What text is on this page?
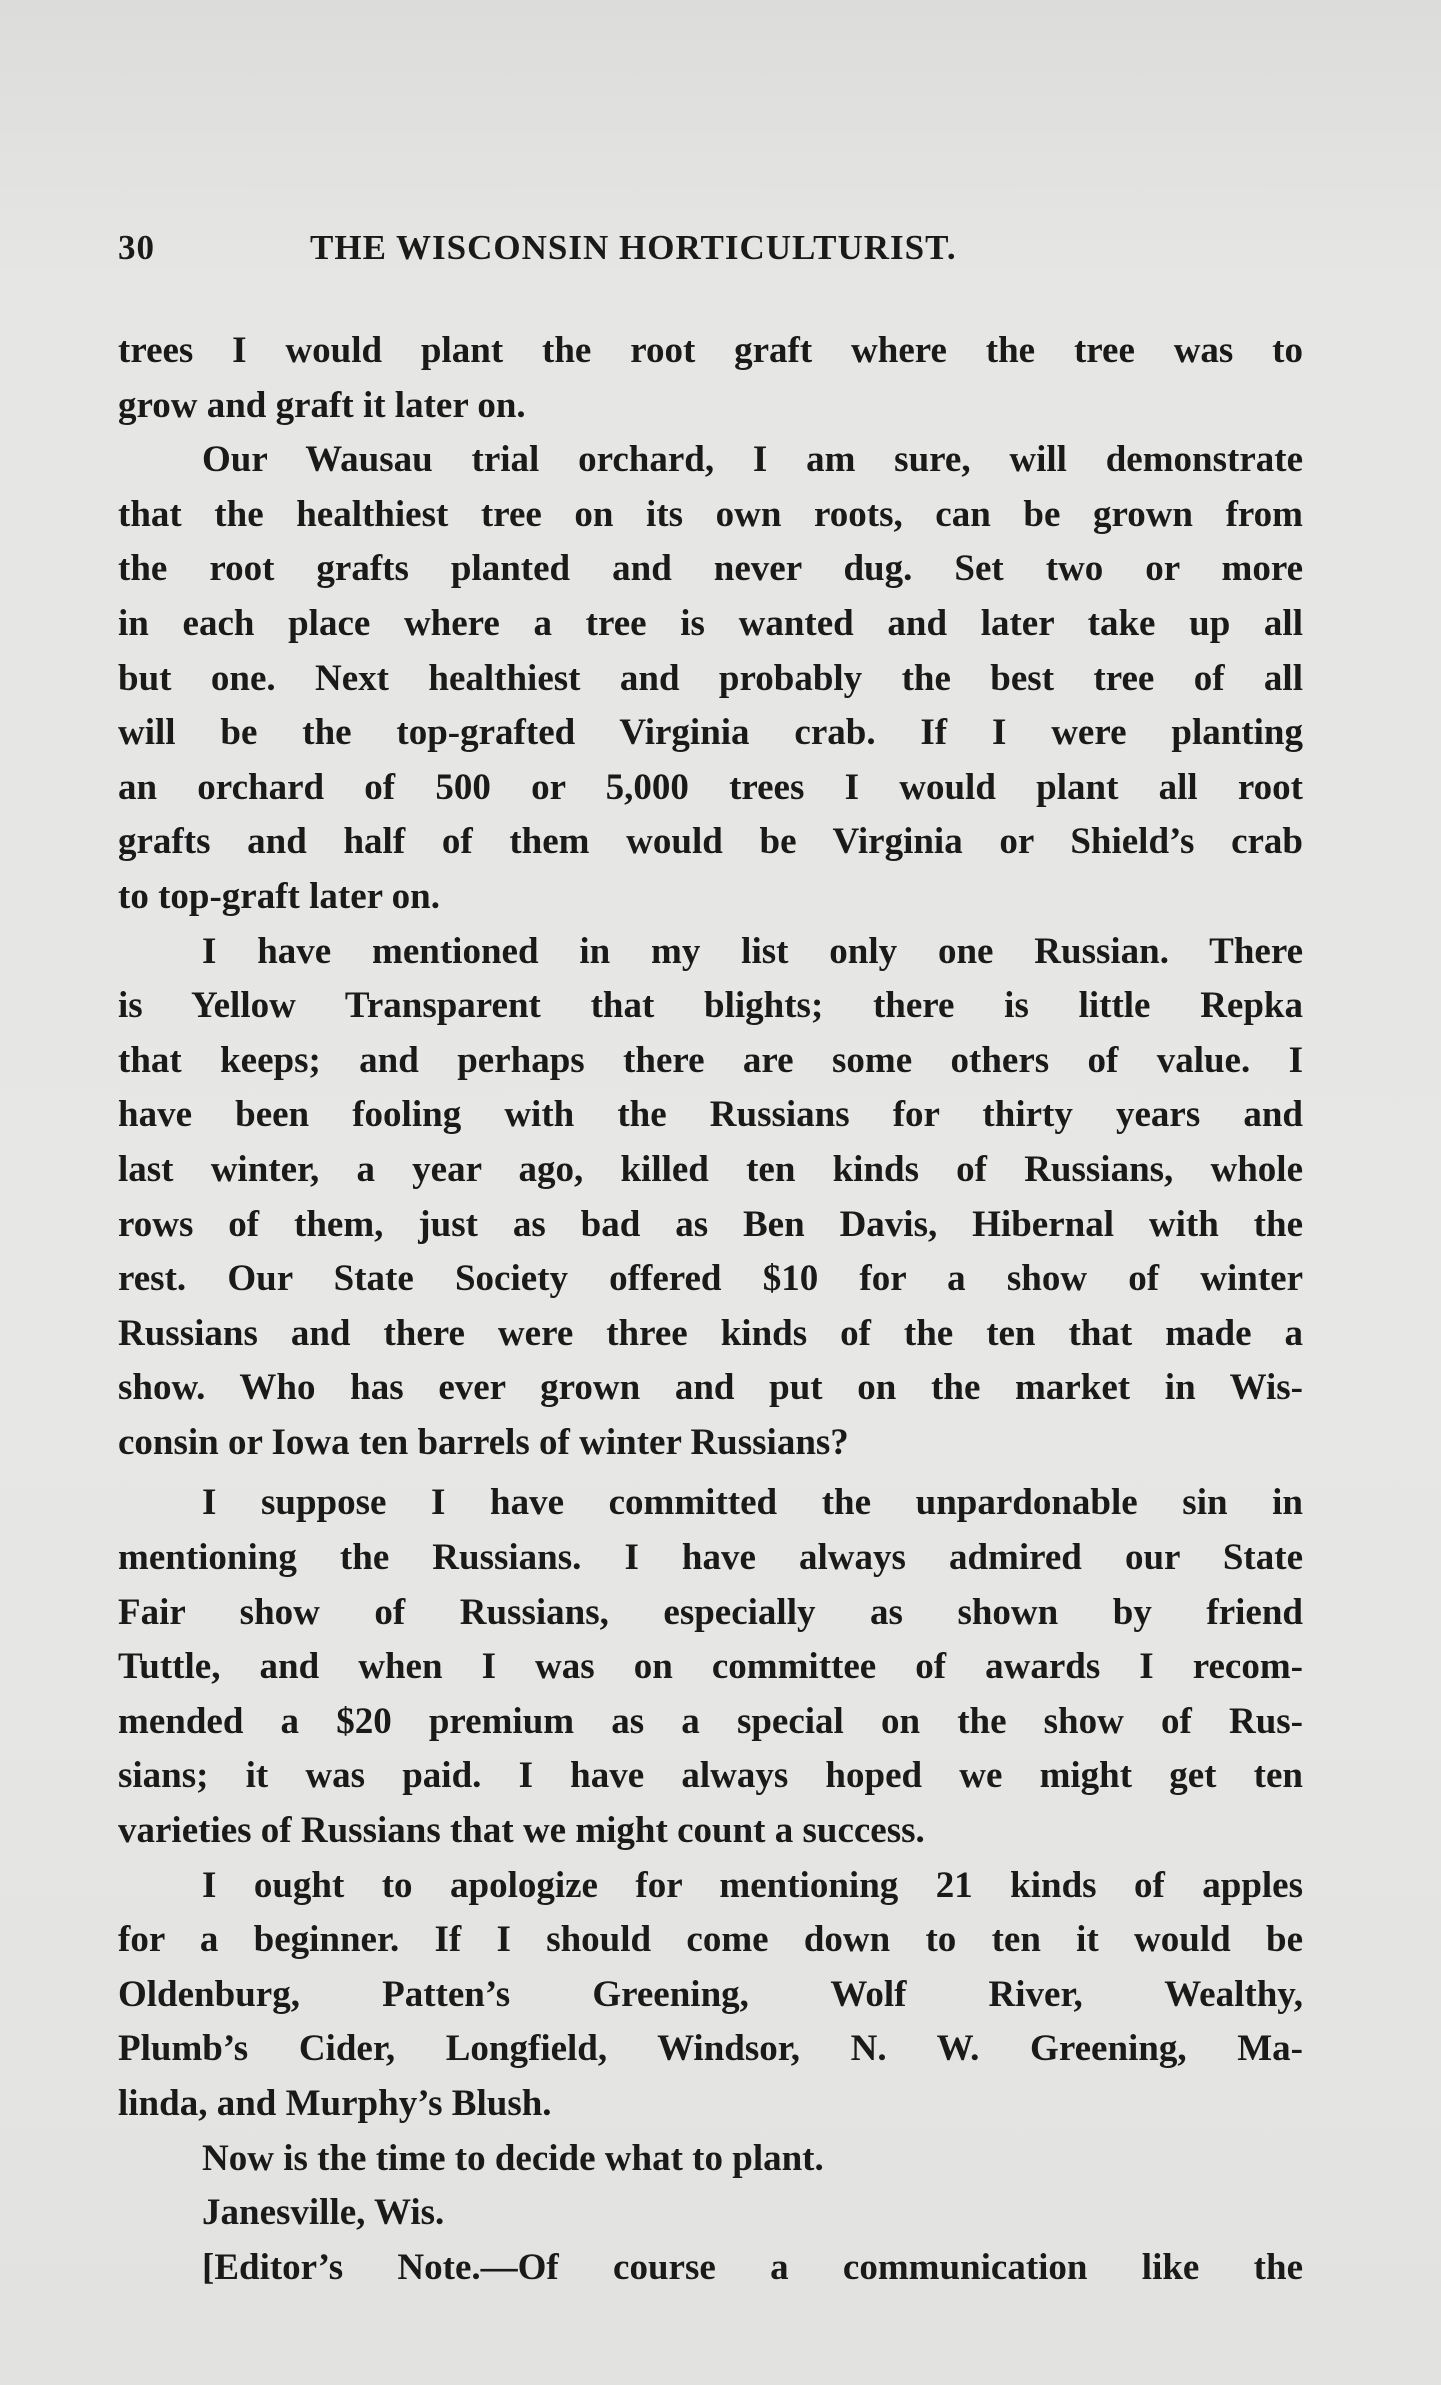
30	THE WISCONSIN HORTICULTURIST.
trees I would plant the root graft where the tree was to
grow and graft it later on.
Our Wausau trial orchard, I am sure, will demonstrate
that the healthiest tree on its own roots, can be grown from
the root grafts planted and never dug. Set two or more
in each place where a tree is wanted and later take up all
but one. Next healthiest and probably the best tree of all
will be the top-grafted Virginia crab. If I were planting
an orchard of 500 or 5,000 trees I would plant all root
grafts and half of them would be Virginia or Shield’s crab
to top-graft later on.
I have mentioned in my list only one Russian. There
is Yellow Transparent that blights; there is little Repka
that keeps; and perhaps there are some others of value. I
have been fooling with the Russians for thirty years and
last winter, a year ago, killed ten kinds of Russians, whole
rows of them, just as bad as Ben Davis, Hibernal with the
rest. Our State Society offered $10 for a show of winter
Russians and there were three kinds of the ten that made a
show. Who has ever grown and put on the market in Wis-
consin or Iowa ten barrels of winter Russians?
I suppose I have committed the unpardonable sin in
mentioning the Russians. I have always admired our State
Fair show of Russians, especially as shown by friend
Tuttle, and when I was on committee of awards I recom-
mended a $20 premium as a special on the show of Rus-
sians; it was paid. I have always hoped we might get ten
varieties of Russians that we might count a success.
I ought to apologize for mentioning 21 kinds of apples
for a beginner. If I should come down to ten it would be
Oldenburg, Patten’s Greening, Wolf River, Wealthy,
Plumb’s Cider, Longfield, Windsor, N. W. Greening, Ma-
linda, and Murphy’s Blush.
Now is the time to decide what to plant.
Janesville, Wis.
[Editor’s Note.—Of course a communication like the
